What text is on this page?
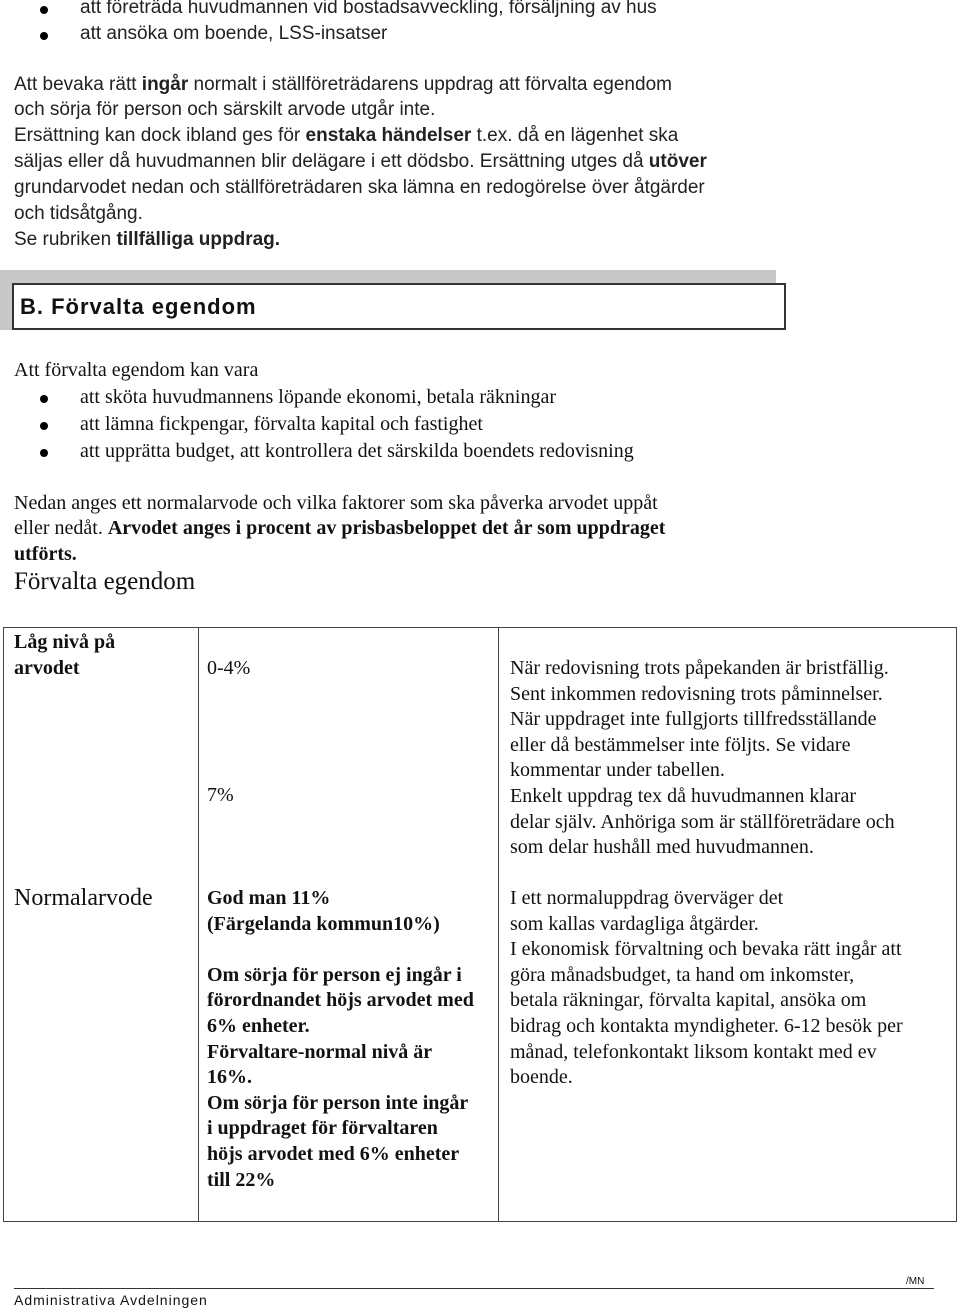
att företräda huvudmannen vid bostadsavveckling, försäljning av hus
att ansöka om boende, LSS-insatser
Att bevaka rätt ingår normalt i ställföreträdarens uppdrag att förvalta egendom
och sörja för person och särskilt arvode utgår inte.
Ersättning kan dock ibland ges för enstaka händelser t.ex. då en lägenhet ska
säljas eller då huvudmannen blir delägare i ett dödsbo. Ersättning utges då utöver
grundarvodet nedan och ställföreträdaren ska lämna en redogörelse över åtgärder
och tidsåtgång.
Se rubriken tillfälliga uppdrag.
B. Förvalta egendom
Att förvalta egendom kan vara
att sköta huvudmannens löpande ekonomi, betala räkningar
att lämna fickpengar, förvalta kapital och fastighet
att upprätta budget, att kontrollera det särskilda boendets redovisning
Nedan anges ett normalarvode och vilka faktorer som ska påverka arvodet uppåt
eller nedåt. Arvodet anges i procent av prisbasbeloppet det år som uppdraget
utförts.
Förvalta egendom
Låg nivå på
arvodet	0-4%
7%
När redovisning trots påpekanden är bristfällig.
Sent inkommen redovisning trots påminnelser.
När uppdraget inte fullgjorts tillfredsställande
eller då bestämmelser inte följts. Se vidare
kommentar under tabellen.
Enkelt uppdrag tex då huvudmannen klarar
delar själv. Anhöriga som är ställföreträdare och
som delar hushåll med huvudmannen.
Normalarvode	God man 11%
(Färgelanda kommun10%)
Om sörja för person ej ingår i
förordnandet höjs arvodet med
6% enheter.
Förvaltare-normal nivå är
16%.
Om sörja för person inte ingår
i uppdraget för förvaltaren
höjs arvodet med 6% enheter
till 22%
I ett normaluppdrag överväger det
som kallas vardagliga åtgärder.
I ekonomisk förvaltning och bevaka rätt ingår att
göra månadsbudget, ta hand om inkomster,
betala räkningar, förvalta kapital, ansöka om
bidrag och kontakta myndigheter. 6-12 besök per
månad, telefonkontakt liksom kontakt med ev
boende.
/MN
Administrativa Avdelningen
